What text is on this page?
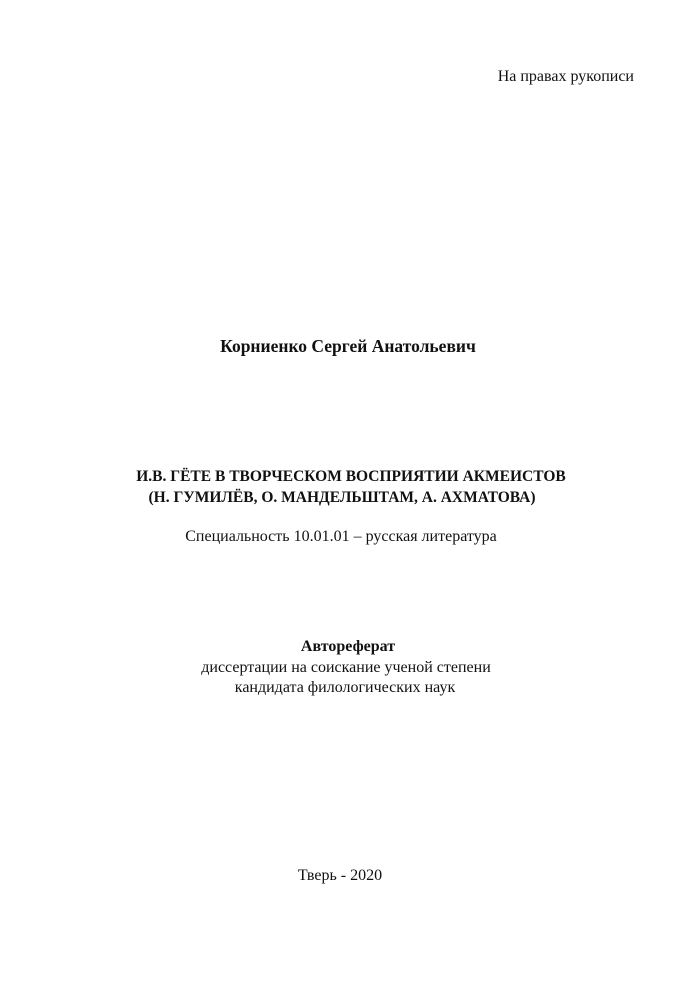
На правах рукописи
Корниенко Сергей Анатольевич
И.В. ГЁТЕ В ТВОРЧЕСКОМ ВОСПРИЯТИИ АКМЕИСТОВ
(Н. ГУМИЛЁВ, О. МАНДЕЛЬШТАМ, А. АХМАТОВА)
Специальность 10.01.01 – русская литература
Автореферат
диссертации на соискание ученой степени
кандидата филологических наук
Тверь - 2020
